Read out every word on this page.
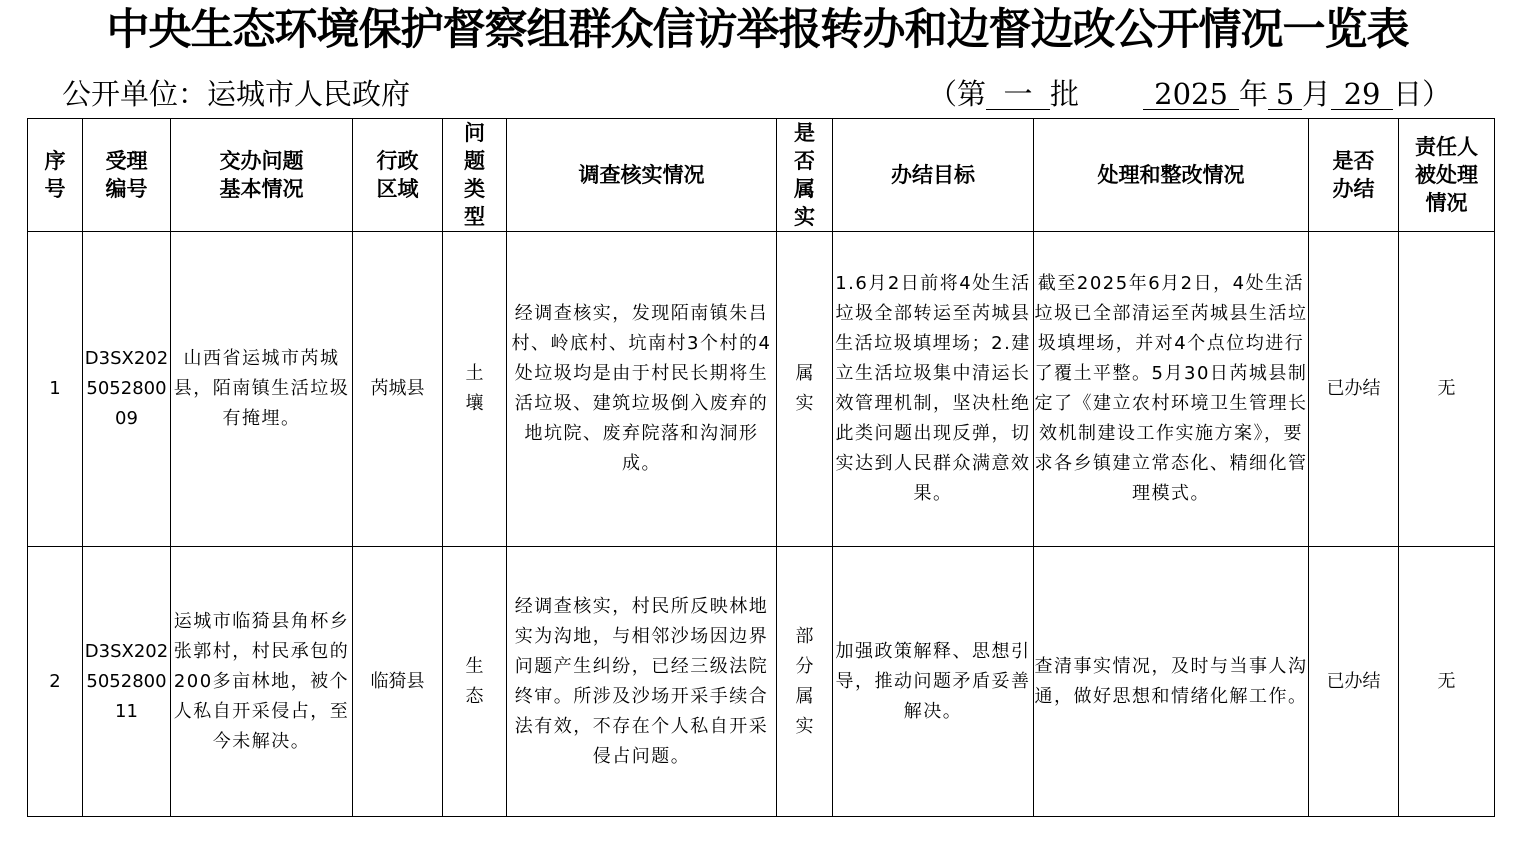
中央生态环境保护督察组群众信访举报转办和边督边改公开情况一览表
公开单位：运城市人民政府	（第 一 批	2025 年 5 月 29 日）
序号	受理编号	交办问题基本情况	行政区域	问题类型	调查核实情况	是否属实	办结目标	处理和整改情况	是否办结	责任人被处理情况
1	D3SX202505280009	山西省运城市芮城县，陌南镇生活垃圾有掩埋。	芮城县	土壤	经调查核实，发现陌南镇朱吕村、岭底村、坑南村3个村的4处垃圾均是由于村民长期将生活垃圾、建筑垃圾倒入废弃的地坑院、废弃院落和沟洞形成。	属实	1.6月2日前将4处生活垃圾全部转运至芮城县生活垃圾填埋场；2.建立生活垃圾集中清运长效管理机制，坚决杜绝此类问题出现反弹，切实达到人民群众满意效果。	截至2025年6月2日，4处生活垃圾已全部清运至芮城县生活垃圾填埋场，并对4个点位均进行了覆土平整。5月30日芮城县制定了《建立农村环境卫生管理长效机制建设工作实施方案》，要求各乡镇建立常态化、精细化管理模式。	已办结	无
2	D3SX202505280011	运城市临猗县角杯乡张郭村，村民承包的200多亩林地，被个人私自开采侵占，至今未解决。	临猗县	生态	经调查核实，村民所反映林地实为沟地，与相邻沙场因边界问题产生纠纷，已经三级法院终审。所涉及沙场开采手续合法有效，不存在个人私自开采侵占问题。	部分属实	加强政策解释、思想引导，推动问题矛盾妥善解决。	查清事实情况，及时与当事人沟通，做好思想和情绪化解工作。	已办结	无
